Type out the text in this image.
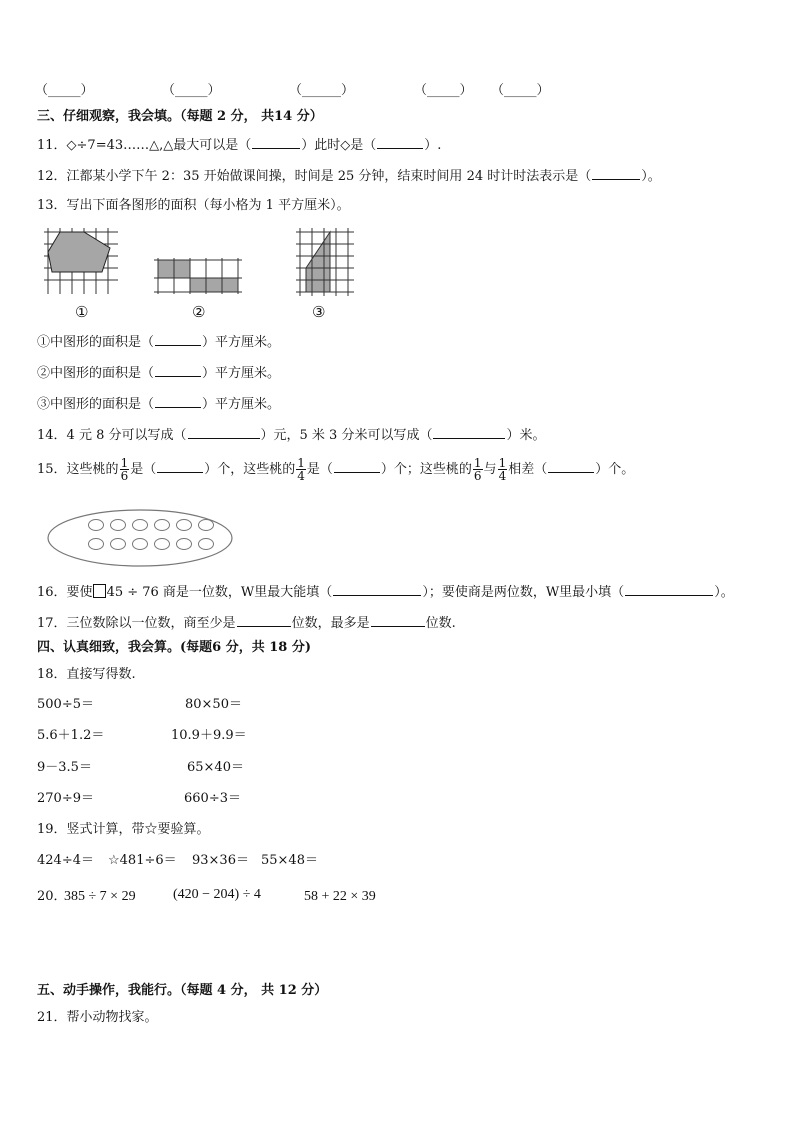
（_____）	（_____）	（______）	（_____） （_____）
三、仔细观察，我会填。（每题 2 分， 共14 分）
11．◇÷7=43……△,△最大可以是（	）此时◇是（	）.
12．江都某小学下午 2：35 开始做课间操，时间是 25 分钟，结束时间用 24 时计时法表示是（	）。
13．写出下面各图形的面积（每小格为 1 平方厘米）。
①	②	③
①中图形的面积是（	）平方厘米。
②中图形的面积是（	）平方厘米。
③中图形的面积是（	）平方厘米。
14．4 元 8 分可以写成（	）元，5 米 3 分米可以写成（	）米。
15．这些桃的 $\frac{1}{6}$ 是（	）个，这些桃的 $\frac{1}{4}$ 是（	）个；这些桃的 $\frac{1}{6}$ 与 $\frac{1}{4}$ 相差（	）个。
16．要使 45 ÷ 76 商是一位数，W里最大能填（	）；要使商是两位数，W里最小填（	）。
17．三位数除以一位数，商至少是	位数，最多是	位数.
四、认真细致，我会算。(每题6 分，共 18 分)
18．直接写得数.
500÷5＝	80×50＝
5.6＋1.2＝	10.9＋9.9＝
9－3.5＝	65×40＝
270÷9＝	660÷3＝
19．竖式计算，带☆要验算。
424÷4＝ ☆481÷6＝ 93×36＝ 55×48＝
20．
385 ÷ 7 × 29	(420 − 204) ÷ 4	58 + 22 × 39
五、动手操作，我能行。（每题 4 分， 共 12 分）
21．帮小动物找家。
